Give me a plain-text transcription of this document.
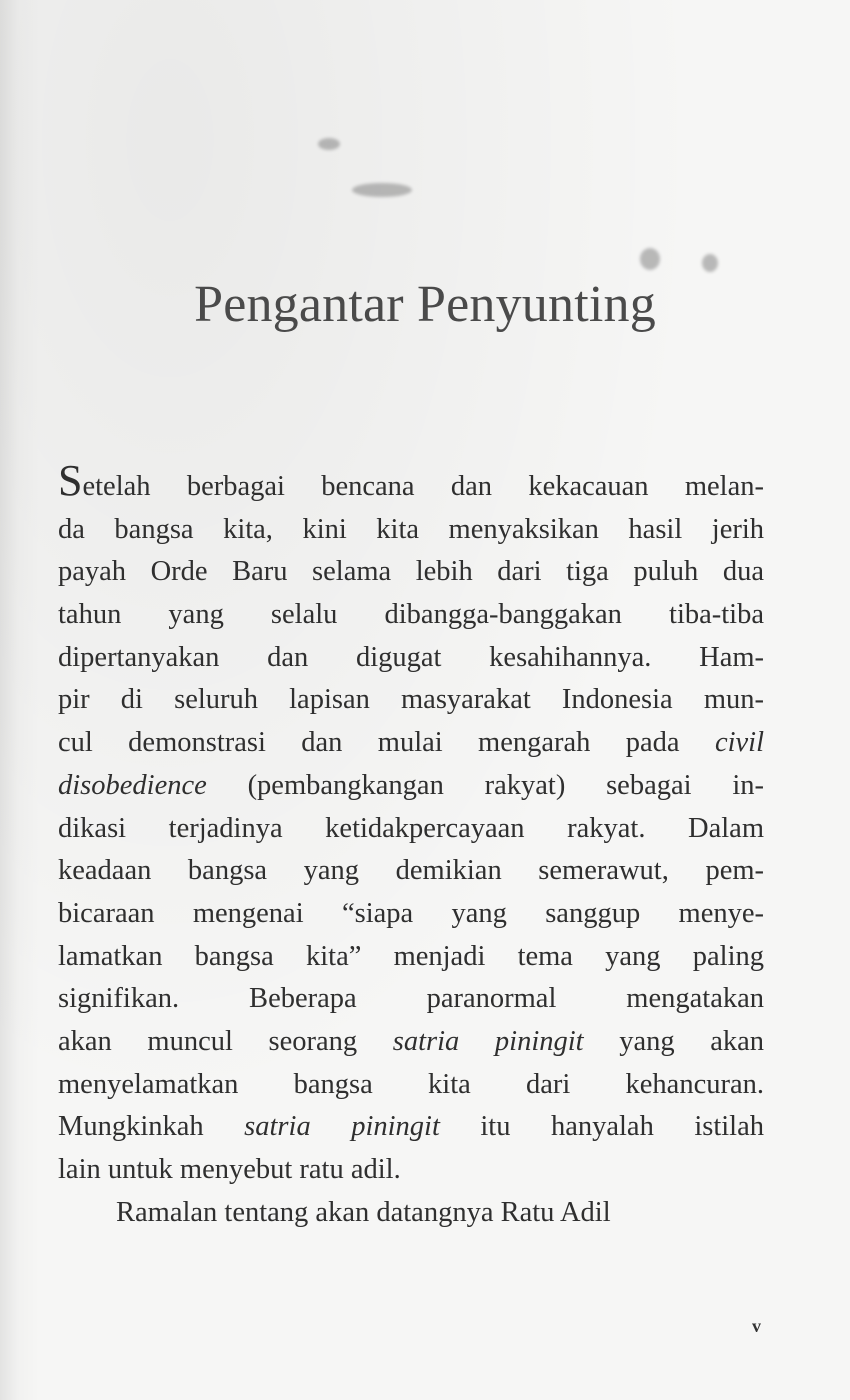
Pengantar Penyunting
Setelah berbagai bencana dan kekacauan melan-
da bangsa kita, kini kita menyaksikan hasil jerih
payah Orde Baru selama lebih dari tiga puluh dua
tahun yang selalu dibangga-banggakan tiba-tiba
dipertanyakan dan digugat kesahihannya. Ham-
pir di seluruh lapisan masyarakat Indonesia mun-
cul demonstrasi dan mulai mengarah pada civil
disobedience (pembangkangan rakyat) sebagai in-
dikasi terjadinya ketidakpercayaan rakyat. Dalam
keadaan bangsa yang demikian semerawut, pem-
bicaraan mengenai “siapa yang sanggup menye-
lamatkan bangsa kita” menjadi tema yang paling
signifikan. Beberapa paranormal mengatakan
akan muncul seorang satria piningit yang akan
menyelamatkan bangsa kita dari kehancuran.
Mungkinkah satria piningit itu hanyalah istilah
lain untuk menyebut ratu adil.
Ramalan tentang akan datangnya Ratu Adil
v
